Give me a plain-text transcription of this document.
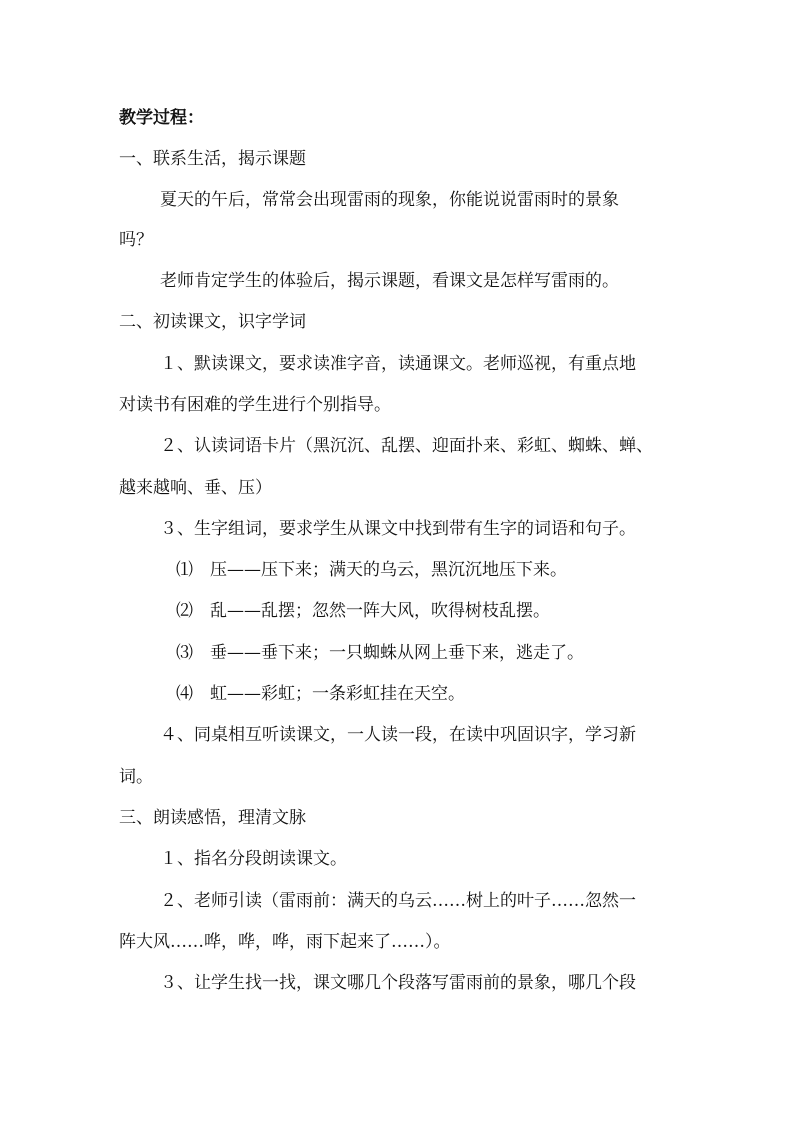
教学过程：
一、联系生活，揭示课题
夏天的午后，常常会出现雷雨的现象，你能说说雷雨时的景象
吗？
老师肯定学生的体验后，揭示课题，看课文是怎样写雷雨的。
二、初读课文，识字学词
１、默读课文，要求读准字音，读通课文。老师巡视，有重点地
对读书有困难的学生进行个别指导。
２、认读词语卡片（黑沉沉、乱摆、迎面扑来、彩虹、蜘蛛、蝉、
越来越响、垂、压）
３、生字组词，要求学生从课文中找到带有生字的词语和句子。
⑴　压——压下来；满天的乌云，黑沉沉地压下来。
⑵　乱——乱摆；忽然一阵大风，吹得树枝乱摆。
⑶　垂——垂下来；一只蜘蛛从网上垂下来，逃走了。
⑷　虹——彩虹；一条彩虹挂在天空。
４、同桌相互听读课文，一人读一段，在读中巩固识字，学习新
词。
三、朗读感悟，理清文脉
１、指名分段朗读课文。
２、老师引读（雷雨前：满天的乌云……树上的叶子……忽然一
阵大风……哗，哗，哗，雨下起来了……）。
３、让学生找一找，课文哪几个段落写雷雨前的景象，哪几个段
